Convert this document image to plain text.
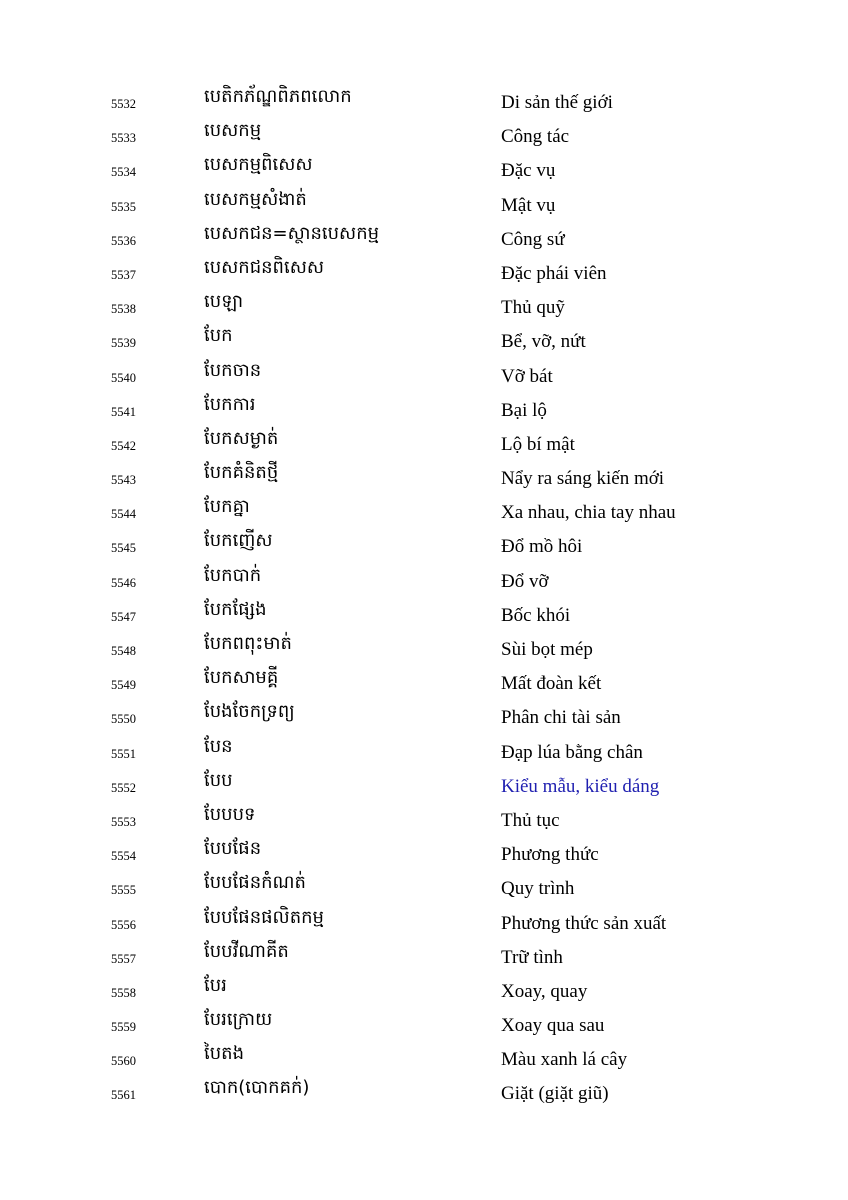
5532	បេតិកភ័ណ្ឌពិភពលោក	Di sản thế giới
5533	បេសកម្ម	Công tác
5534	បេសកម្មពិសេស	Đặc vụ
5535	បេសកម្មសំងាត់	Mật vụ
5536	បេសកជន=ស្ថានបេសកម្ម	Công sứ
5537	បេសកជនពិសេស	Đặc phái viên
5538	បេឡា	Thủ quỹ
5539	បែក	Bể, vỡ, nứt
5540	បែកចាន	Vỡ bát
5541	បែកការ	Bại lộ
5542	បែកសម្ងាត់	Lộ bí mật
5543	បែកគំនិតថ្មី	Nẩy ra sáng kiến mới
5544	បែកគ្នា	Xa nhau, chia tay nhau
5545	បែកញើស	Đổ mồ hôi
5546	បែកបាក់	Đổ vỡ
5547	បែកផ្សែង	Bốc khói
5548	បែកពពុះមាត់	Sùi bọt mép
5549	បែកសាមគ្គី	Mất đoàn kết
5550	បែងចែកទ្រព្យ	Phân chi tài sản
5551	បែន	Đạp lúa bằng chân
5552	បែប	Kiểu mẫu, kiểu dáng
5553	បែបបទ	Thủ tục
5554	បែបផែន	Phương thức
5555	បែបផែនកំណត់	Quy trình
5556	បែបផែនផលិតកម្ម	Phương thức sản xuất
5557	បែបវីណាគីត	Trữ tình
5558	បែរ	Xoay, quay
5559	បែរក្រោយ	Xoay qua sau
5560	បៃតង	Màu xanh lá cây
5561	បោក(បោកគក់)	Giặt (giặt giũ)
